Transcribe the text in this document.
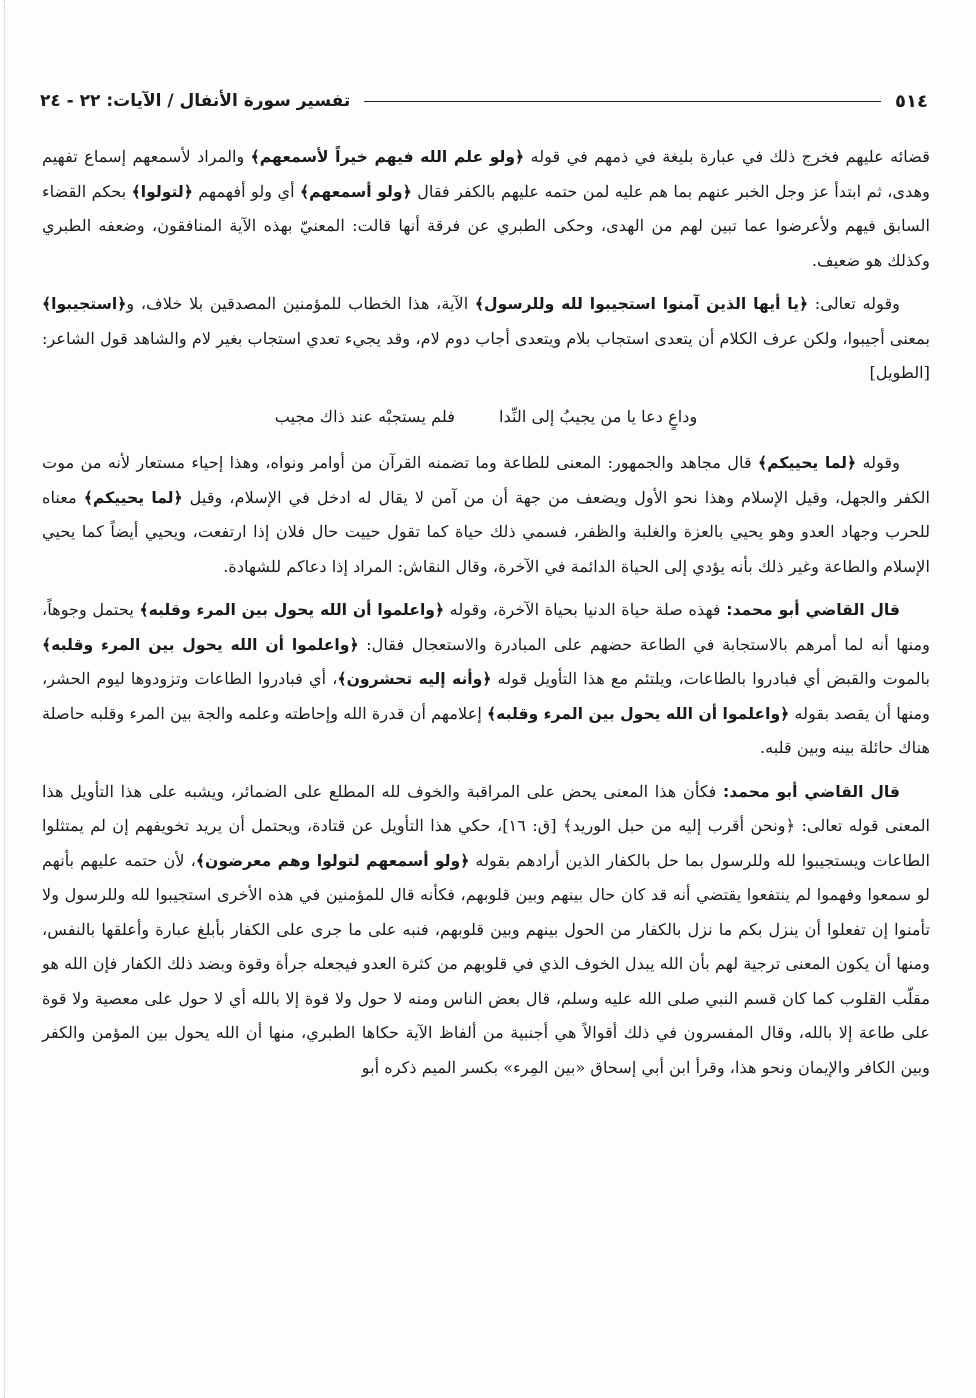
تفسير سورة الأنفال / الآيات: ٢٢ - ٢٤	٥١٤

قضائه عليهم فخرج ذلك في عبارة بليغة في ذمهم في قوله ﴿ولو علم الله فيهم خيراً لأسمعهم﴾ والمراد لأسمعهم إسماع تفهيم وهدى، ثم ابتدأ عز وجل الخبر عنهم بما هم عليه لمن حتمه عليهم بالكفر فقال ﴿ولو أسمعهم﴾ أي ولو أفهمهم ﴿لتولوا﴾ بحكم القضاء السابق فيهم ولأعرضوا عما تبين لهم من الهدى، وحكى الطبري عن فرقة أنها قالت: المعنيّ بهذه الآية المنافقون، وضعفه الطبري وكذلك هو ضعيف.

وقوله تعالى: ﴿يا أيها الذين آمنوا استجيبوا لله وللرسول﴾ الآية، هذا الخطاب للمؤمنين المصدقين بلا خلاف، و﴿استجيبوا﴾ بمعنى أجيبوا، ولكن عرف الكلام أن يتعدى استجاب بلام ويتعدى أجاب دوم لام، وقد يجيء تعدي استجاب بغير لام والشاهد قول الشاعر: [الطويل]

وداعٍ دعا يا من يجيبُ إلى النِّدا
فلم يستجبْه عند ذاك مجيب

وقوله ﴿لما يحييكم﴾ قال مجاهد والجمهور: المعنى للطاعة وما تضمنه القرآن من أوامر ونواه، وهذا إحياء مستعار لأنه من موت الكفر والجهل، وقيل الإسلام وهذا نحو الأول ويضعف من جهة أن من آمن لا يقال له ادخل في الإسلام، وقيل ﴿لما يحييكم﴾ معناه للحرب وجهاد العدو وهو يحيي بالعزة والغلبة والظفر، فسمي ذلك حياة كما تقول حييت حال فلان إذا ارتفعت، ويحيي أيضاً كما يحيي الإسلام والطاعة وغير ذلك بأنه يؤدي إلى الحياة الدائمة في الآخرة، وقال النقاش: المراد إذا دعاكم للشهادة.

قال القاضي أبو محمد: فهذه صلة حياة الدنيا بحياة الآخرة، وقوله ﴿واعلموا أن الله يحول بين المرء وقلبه﴾ يحتمل وجوهاً، ومنها أنه لما أمرهم بالاستجابة في الطاعة حضهم على المبادرة والاستعجال فقال: ﴿واعلموا أن الله يحول بين المرء وقلبه﴾ بالموت والقبض أي فبادروا بالطاعات، ويلتئم مع هذا التأويل قوله ﴿وأنه إليه تحشرون﴾، أي فبادروا الطاعات وتزودوها ليوم الحشر، ومنها أن يقصد بقوله ﴿واعلموا أن الله يحول بين المرء وقلبه﴾ إعلامهم أن قدرة الله وإحاطته وعلمه والجة بين المرء وقلبه حاصلة هناك حائلة بينه وبين قلبه.

قال القاضي أبو محمد: فكأن هذا المعنى يحض على المراقبة والخوف لله المطلع على الضمائر، ويشبه على هذا التأويل هذا المعنى قوله تعالى: ﴿ونحن أقرب إليه من حبل الوريد﴾ [ق: ١٦]، حكي هذا التأويل عن قتادة، ويحتمل أن يريد تخويفهم إن لم يمتثلوا الطاعات ويستجيبوا لله وللرسول بما حل بالكفار الذين أرادهم بقوله ﴿ولو أسمعهم لتولوا وهم معرضون﴾، لأن حتمه عليهم بأنهم لو سمعوا وفهموا لم ينتفعوا يقتضي أنه قد كان حال بينهم وبين قلوبهم، فكأنه قال للمؤمنين في هذه الأخرى استجيبوا لله وللرسول ولا تأمنوا إن تفعلوا أن ينزل بكم ما نزل بالكفار من الحول بينهم وبين قلوبهم، فنبه على ما جرى على الكفار بأبلغ عبارة وأعلقها بالنفس، ومنها أن يكون المعنى ترجية لهم بأن الله يبدل الخوف الذي في قلوبهم من كثرة العدو فيجعله جرأة وقوة وبضد ذلك الكفار فإن الله هو مقلّب القلوب كما كان قسم النبي صلى الله عليه وسلم، قال بعض الناس ومنه لا حول ولا قوة إلا بالله أي لا حول على معصية ولا قوة على طاعة إلا بالله، وقال المفسرون في ذلك أقوالاً هي أجنبية من ألفاظ الآية حكاها الطبري، منها أن الله يحول بين المؤمن والكفر وبين الكافر والإيمان ونحو هذا، وقرأ ابن أبي إسحاق «بين المِرء» بكسر الميم ذكره أبو
